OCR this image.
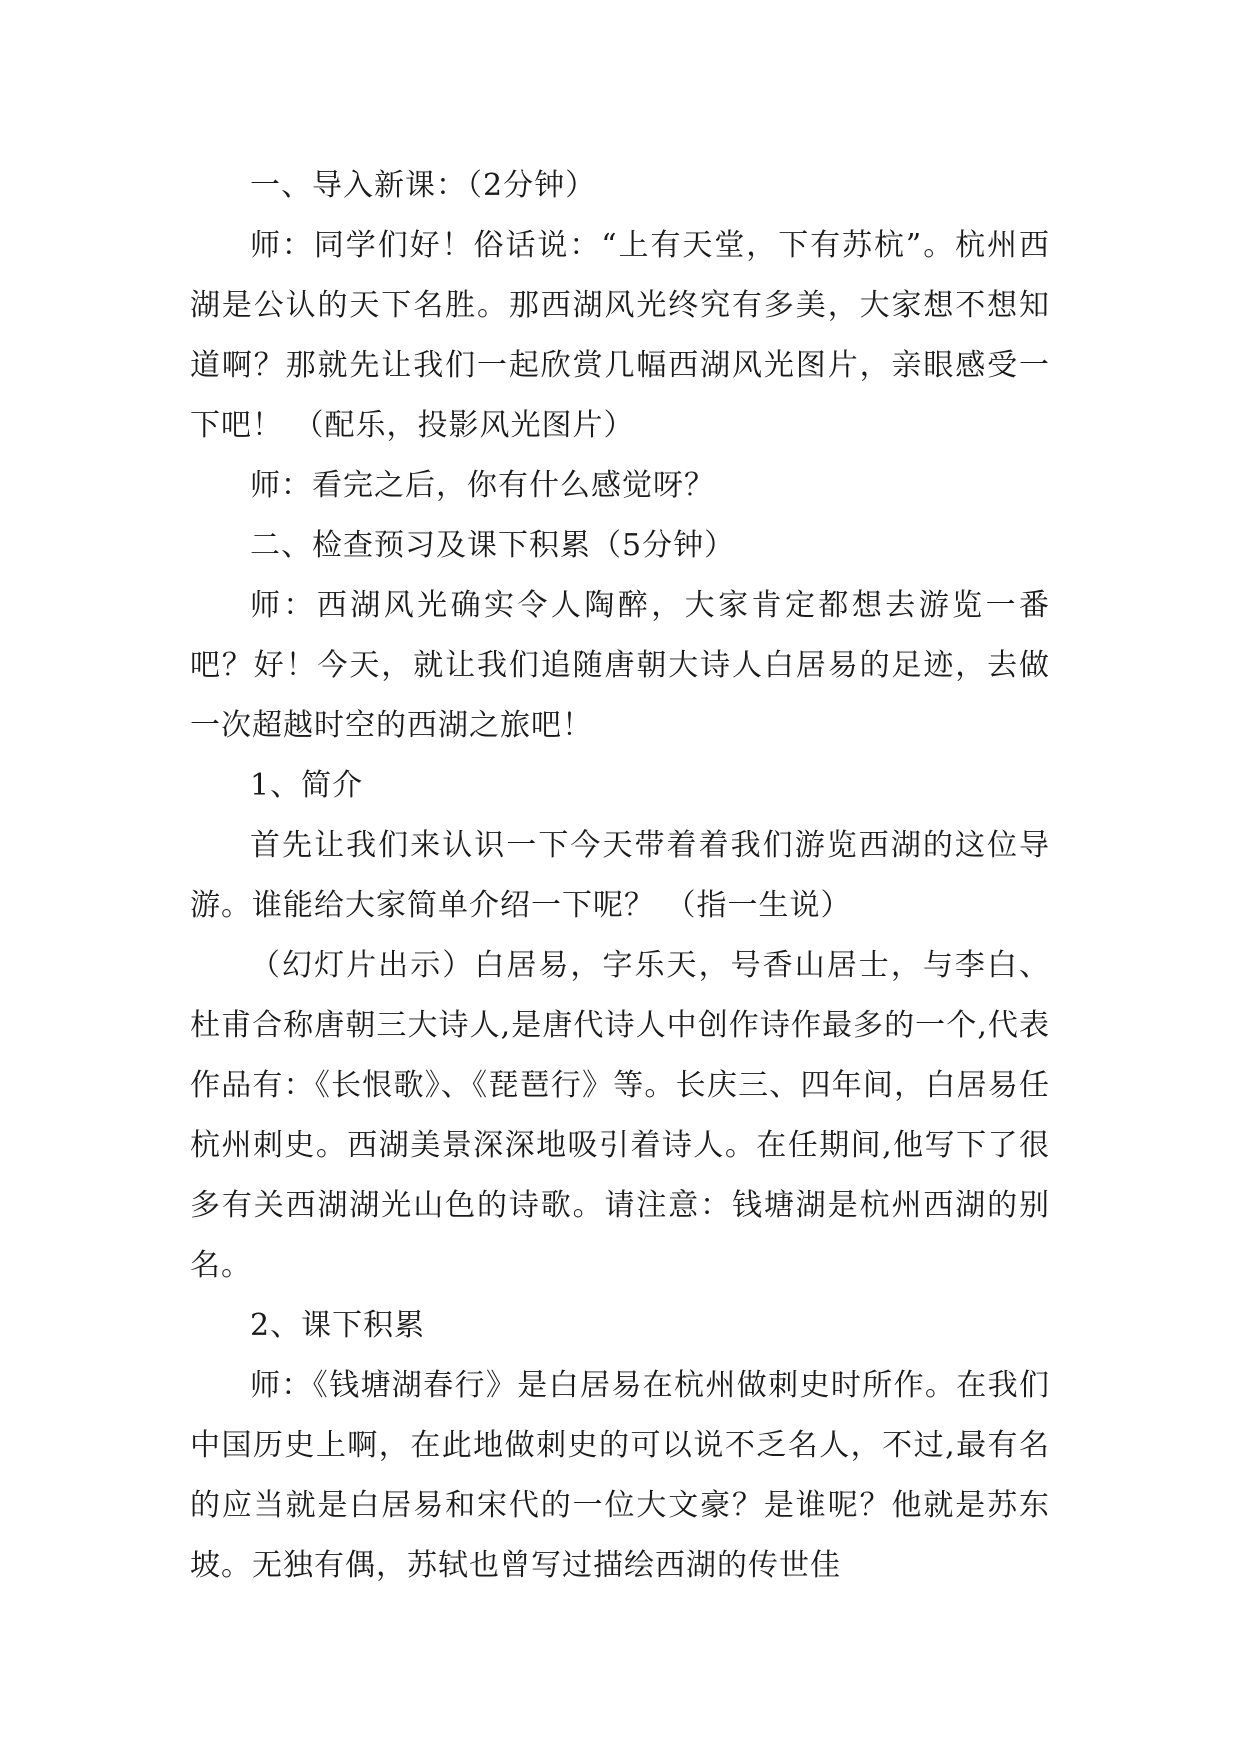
一、导入新课：（2分钟）

师：同学们好！俗话说：“上有天堂，下有苏杭”。杭州西湖是公认的天下名胜。那西湖风光终究有多美，大家想不想知道啊？那就先让我们一起欣赏几幅西湖风光图片，亲眼感受一下吧！ （配乐，投影风光图片）

师：看完之后，你有什么感觉呀？

二、检查预习及课下积累（5分钟）

师：西湖风光确实令人陶醉，大家肯定都想去游览一番吧？好！今天，就让我们追随唐朝大诗人白居易的足迹，去做一次超越时空的西湖之旅吧！

1、简介

首先让我们来认识一下今天带着着我们游览西湖的这位导游。谁能给大家简单介绍一下呢？ （指一生说）

（幻灯片出示）白居易，字乐天，号香山居士，与李白、杜甫合称唐朝三大诗人,是唐代诗人中创作诗作最多的一个,代表作品有：《长恨歌》、《琵琶行》等。长庆三、四年间，白居易任杭州刺史。西湖美景深深地吸引着诗人。在任期间,他写下了很多有关西湖湖光山色的诗歌。请注意：钱塘湖是杭州西湖的别名。

2、课下积累

师：《钱塘湖春行》是白居易在杭州做刺史时所作。在我们中国历史上啊，在此地做刺史的可以说不乏名人，不过,最有名的应当就是白居易和宋代的一位大文豪？是谁呢？他就是苏东坡。无独有偶，苏轼也曾写过描绘西湖的传世佳
